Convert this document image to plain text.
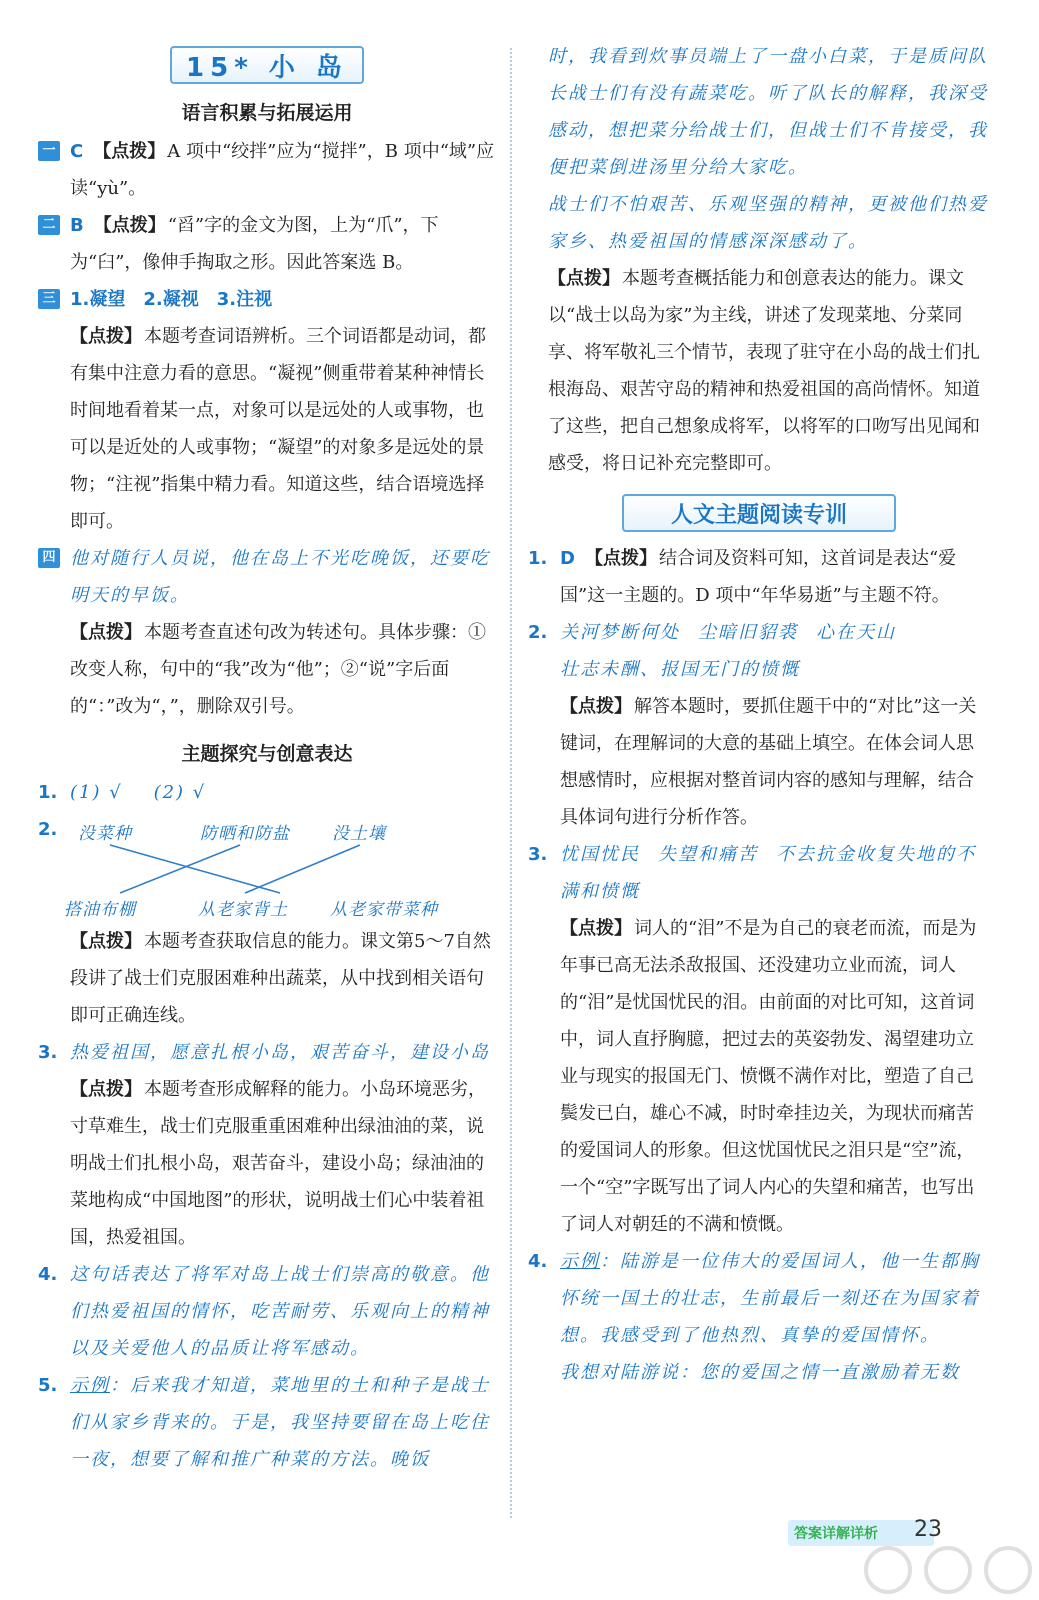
15* 小 岛
语言积累与拓展运用
一 C 【点拨】 A 项中“绞拌”应为“搅拌”，B 项中“域”应读“yù”。
二 B 【点拨】 “舀”字的金文为图，上为“爪”，下为“臼”，像伸手掏取之形。因此答案选 B。
三 1.凝望 2.凝视 3.注视
【点拨】 本题考查词语辨析。三个词语都是动词，都有集中注意力看的意思。“凝视”侧重带着某种神情长时间地看着某一点，对象可以是远处的人或事物，也可以是近处的人或事物；“凝望”的对象多是远处的景物；“注视”指集中精力看。知道这些，结合语境选择即可。
四 他对随行人员说，他在岛上不光吃晚饭，还要吃明天的早饭。
【点拨】 本题考查直述句改为转述句。具体步骤：①改变人称，句中的“我”改为“他”；②“说”字后面的“：”改为“，”，删除双引号。
主题探究与创意表达
1. (1) √    (2) √
2. 没菜种	防晒和防盐 没土壤
搭油布棚	从老家背土 从老家带菜种
【点拨】 本题考查获取信息的能力。课文第5～7自然段讲了战士们克服困难种出蔬菜，从中找到相关语句即可正确连线。
3. 热爱祖国，愿意扎根小岛，艰苦奋斗，建设小岛
【点拨】 本题考查形成解释的能力。小岛环境恶劣，寸草难生，战士们克服重重困难种出绿油油的菜，说明战士们扎根小岛，艰苦奋斗，建设小岛；绿油油的菜地构成“中国地图”的形状，说明战士们心中装着祖国，热爱祖国。
4. 这句话表达了将军对岛上战士们崇高的敬意。他们热爱祖国的情怀，吃苦耐劳、乐观向上的精神以及关爱他人的品质让将军感动。
5. 示例：后来我才知道，菜地里的土和种子是战士们从家乡背来的。于是，我坚持要留在岛上吃住一夜，想要了解和推广种菜的方法。晚饭
时，我看到炊事员端上了一盘小白菜，于是质问队长战士们有没有蔬菜吃。听了队长的解释，我深受感动，想把菜分给战士们，但战士们不肯接受，我便把菜倒进汤里分给大家吃。
战士们不怕艰苦、乐观坚强的精神，更被他们热爱家乡、热爱祖国的情感深深感动了。
【点拨】 本题考查概括能力和创意表达的能力。课文以“战士以岛为家”为主线，讲述了发现菜地、分菜同享、将军敬礼三个情节，表现了驻守在小岛的战士们扎根海岛、艰苦守岛的精神和热爱祖国的高尚情怀。知道了这些，把自己想象成将军，以将军的口吻写出见闻和感受，将日记补充完整即可。
人文主题阅读专训
1. D 【点拨】 结合词及资料可知，这首词是表达“爱国”这一主题的。D 项中“年华易逝”与主题不符。
2. 关河梦断何处 尘暗旧貂裘 心在天山
壮志未酬、报国无门的愤慨
【点拨】 解答本题时，要抓住题干中的“对比”这一关键词，在理解词的大意的基础上填空。在体会词人思想感情时，应根据对整首词内容的感知与理解，结合具体词句进行分析作答。
3. 忧国忧民 失望和痛苦 不去抗金收复失地的不满和愤慨
【点拨】 词人的“泪”不是为自己的衰老而流，而是为年事已高无法杀敌报国、还没建功立业而流，词人的“泪”是忧国忧民的泪。由前面的对比可知，这首词中，词人直抒胸臆，把过去的英姿勃发、渴望建功立业与现实的报国无门、愤慨不满作对比，塑造了自己鬓发已白，雄心不减，时时牵挂边关，为现状而痛苦的爱国词人的形象。但这忧国忧民之泪只是“空”流，一个“空”字既写出了词人内心的失望和痛苦，也写出了词人对朝廷的不满和愤慨。
4. 示例：陆游是一位伟大的爱国词人，他一生都胸怀统一国土的壮志，生前最后一刻还在为国家着想。我感受到了他热烈、真挚的爱国情怀。
我想对陆游说：您的爱国之情一直激励着无数
答案详解详析	23
